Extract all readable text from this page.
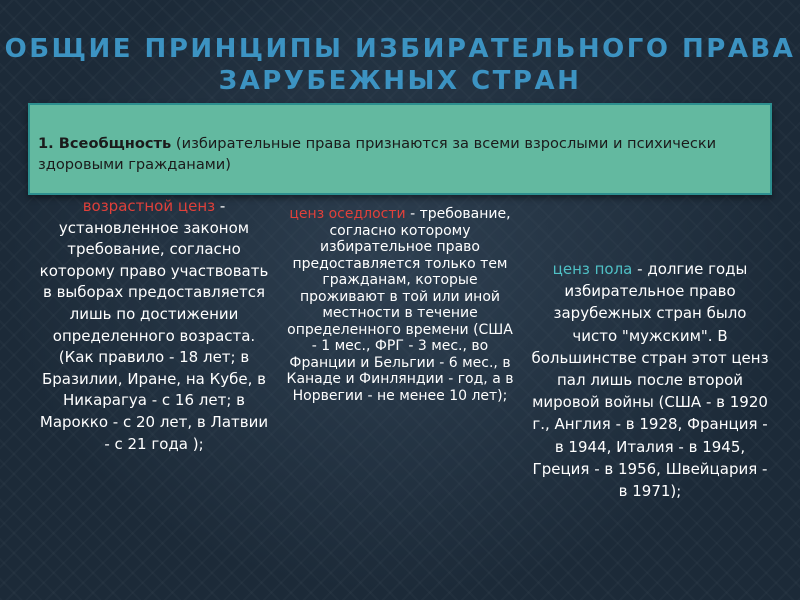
ОБЩИЕ ПРИНЦИПЫ ИЗБИРАТЕЛЬНОГО ПРАВА ЗАРУБЕЖНЫХ СТРАН
возрастной ценз - установленное законом требование, согласно которому право участвовать в выборах предоставляется лишь по достижении определенного возраста. (Как правило - 18 лет; в Бразилии, Иране, на Кубе, в Никарагуа - с 16 лет; в Марокко - с 20 лет, в Латвии - с 21 года );
ценз оседлости - требование, согласно которому избирательное право предоставляется только тем гражданам, которые проживают в той или иной местности в течение определенного времени (США - 1 мес., ФРГ - 3 мес., во Франции и Бельгии - 6 мес., в Канаде и Финляндии - год, а в Норвегии - не менее 10 лет);
ценз пола - долгие годы избирательное право зарубежных стран было чисто "мужским". В большинстве стран этот ценз пал лишь после второй мировой войны (США - в 1920 г., Англия - в 1928, Франция - в 1944, Италия - в 1945, Греция - в 1956, Швейцария - в 1971);
1. Всеобщность (избирательные права признаются за всеми взрослыми и психически здоровыми гражданами)
